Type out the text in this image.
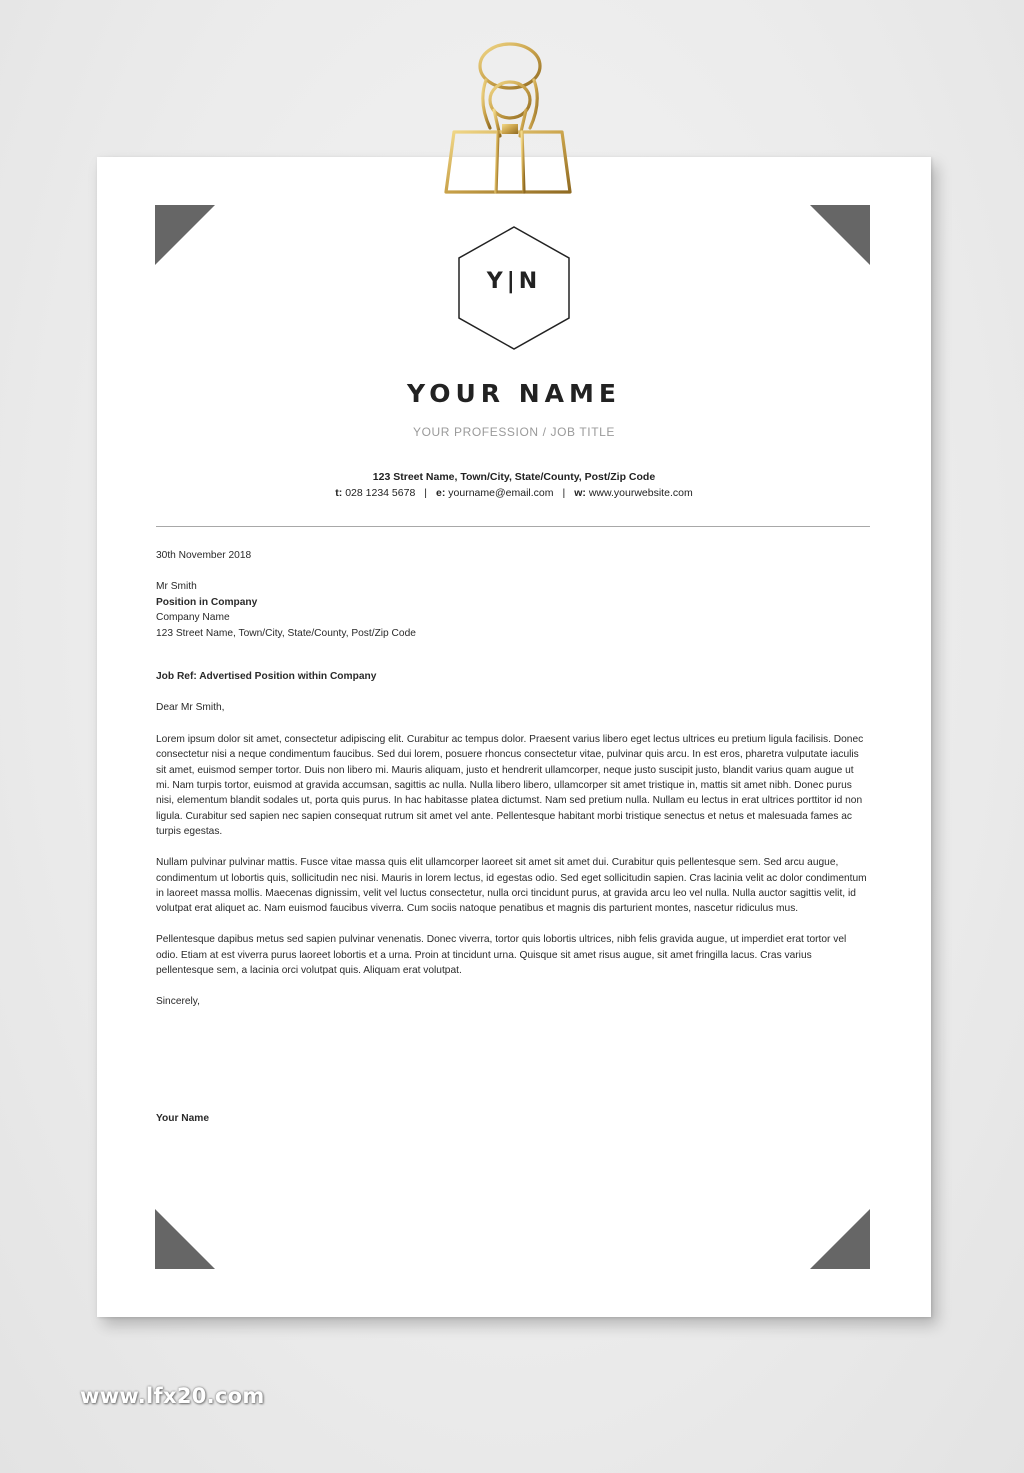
Y|N
YOUR NAME
YOUR PROFESSION / JOB TITLE
123 Street Name, Town/City, State/County, Post/Zip Code
t: 028 1234 5678 | e: yourname@email.com | w: www.yourwebsite.com

30th November 2018

Mr Smith

Position in Company

Company Name

123 Street Name, Town/City, State/County, Post/Zip Code

Job Ref: Advertised Position within Company

Dear Mr Smith,

Lorem ipsum dolor sit amet, consectetur adipiscing elit. Curabitur ac tempus dolor. Praesent varius libero eget lectus ultrices eu pretium ligula facilisis. Donec consectetur nisi a neque condimentum faucibus. Sed dui lorem, posuere rhoncus consectetur vitae, pulvinar quis arcu. In est eros, pharetra vulputate iaculis sit amet, euismod semper tortor. Duis non libero mi. Mauris aliquam, justo et hendrerit ullamcorper, neque justo suscipit justo, blandit varius quam augue ut mi. Nam turpis tortor, euismod at gravida accumsan, sagittis ac nulla. Nulla libero libero, ullamcorper sit amet tristique in, mattis sit amet nibh. Donec purus nisi, elementum blandit sodales ut, porta quis purus. In hac habitasse platea dictumst. Nam sed pretium nulla. Nullam eu lectus in erat ultrices porttitor id non ligula. Curabitur sed sapien nec sapien consequat rutrum sit amet vel ante. Pellentesque habitant morbi tristique senectus et netus et malesuada fames ac turpis egestas.

Nullam pulvinar pulvinar mattis. Fusce vitae massa quis elit ullamcorper laoreet sit amet sit amet dui. Curabitur quis pellentesque sem. Sed arcu augue, condimentum ut lobortis quis, sollicitudin nec nisi. Mauris in lorem lectus, id egestas odio. Sed eget sollicitudin sapien. Cras lacinia velit ac dolor condimentum in laoreet massa mollis. Maecenas dignissim, velit vel luctus consectetur, nulla orci tincidunt purus, at gravida arcu leo vel nulla. Nulla auctor sagittis velit, id volutpat erat aliquet ac. Nam euismod faucibus viverra. Cum sociis natoque penatibus et magnis dis parturient montes, nascetur ridiculus mus.

Pellentesque dapibus metus sed sapien pulvinar venenatis. Donec viverra, tortor quis lobortis ultrices, nibh felis gravida augue, ut imperdiet erat tortor vel odio. Etiam at est viverra purus laoreet lobortis et a urna. Proin at tincidunt urna. Quisque sit amet risus augue, sit amet fringilla lacus. Cras varius pellentesque sem, a lacinia orci volutpat quis. Aliquam erat volutpat.

Sincerely,

Your Name

www.lfx20.com
